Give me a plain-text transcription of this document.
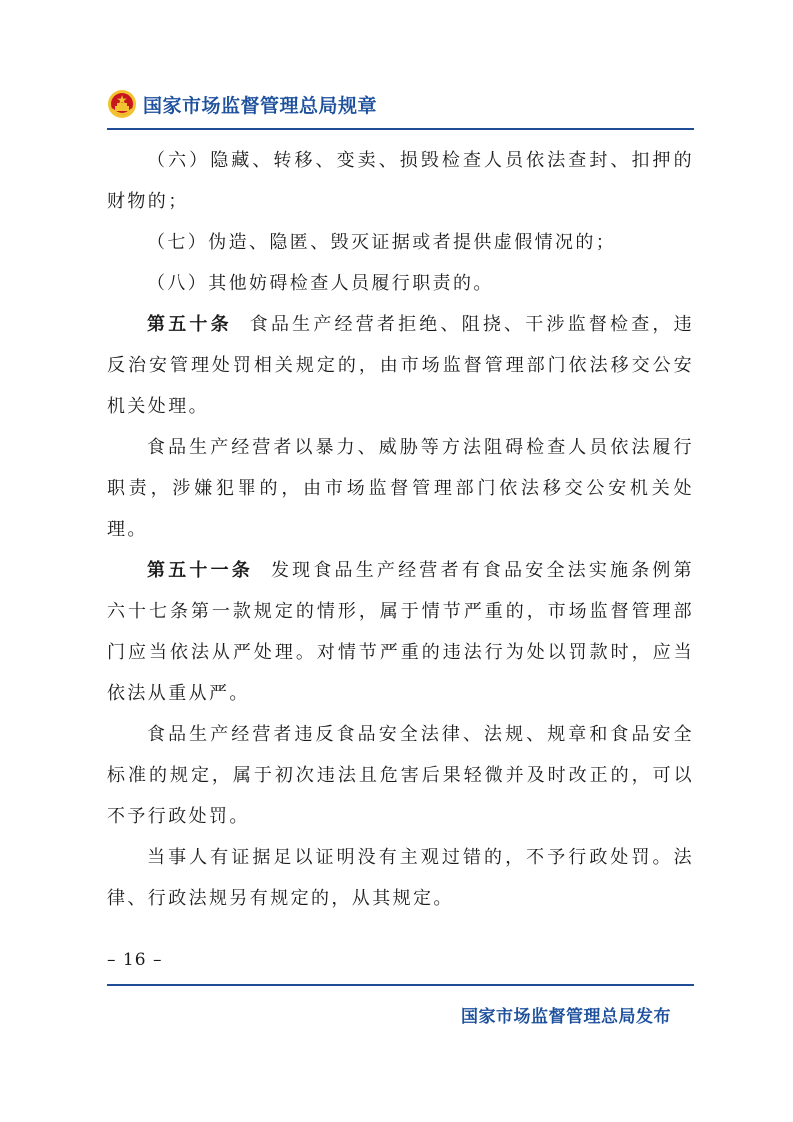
国家市场监督管理总局规章

（六）隐藏、转移、变卖、损毁检查人员依法查封、扣押的财物的；

（七）伪造、隐匿、毁灭证据或者提供虚假情况的；

（八）其他妨碍检查人员履行职责的。

第五十条 食品生产经营者拒绝、阻挠、干涉监督检查，违反治安管理处罚相关规定的，由市场监督管理部门依法移交公安机关处理。

食品生产经营者以暴力、威胁等方法阻碍检查人员依法履行职责，涉嫌犯罪的，由市场监督管理部门依法移交公安机关处理。

第五十一条 发现食品生产经营者有食品安全法实施条例第六十七条第一款规定的情形，属于情节严重的，市场监督管理部门应当依法从严处理。对情节严重的违法行为处以罚款时，应当依法从重从严。

食品生产经营者违反食品安全法律、法规、规章和食品安全标准的规定，属于初次违法且危害后果轻微并及时改正的，可以不予行政处罚。

当事人有证据足以证明没有主观过错的，不予行政处罚。法律、行政法规另有规定的，从其规定。

– 16 –
国家市场监督管理总局发布
